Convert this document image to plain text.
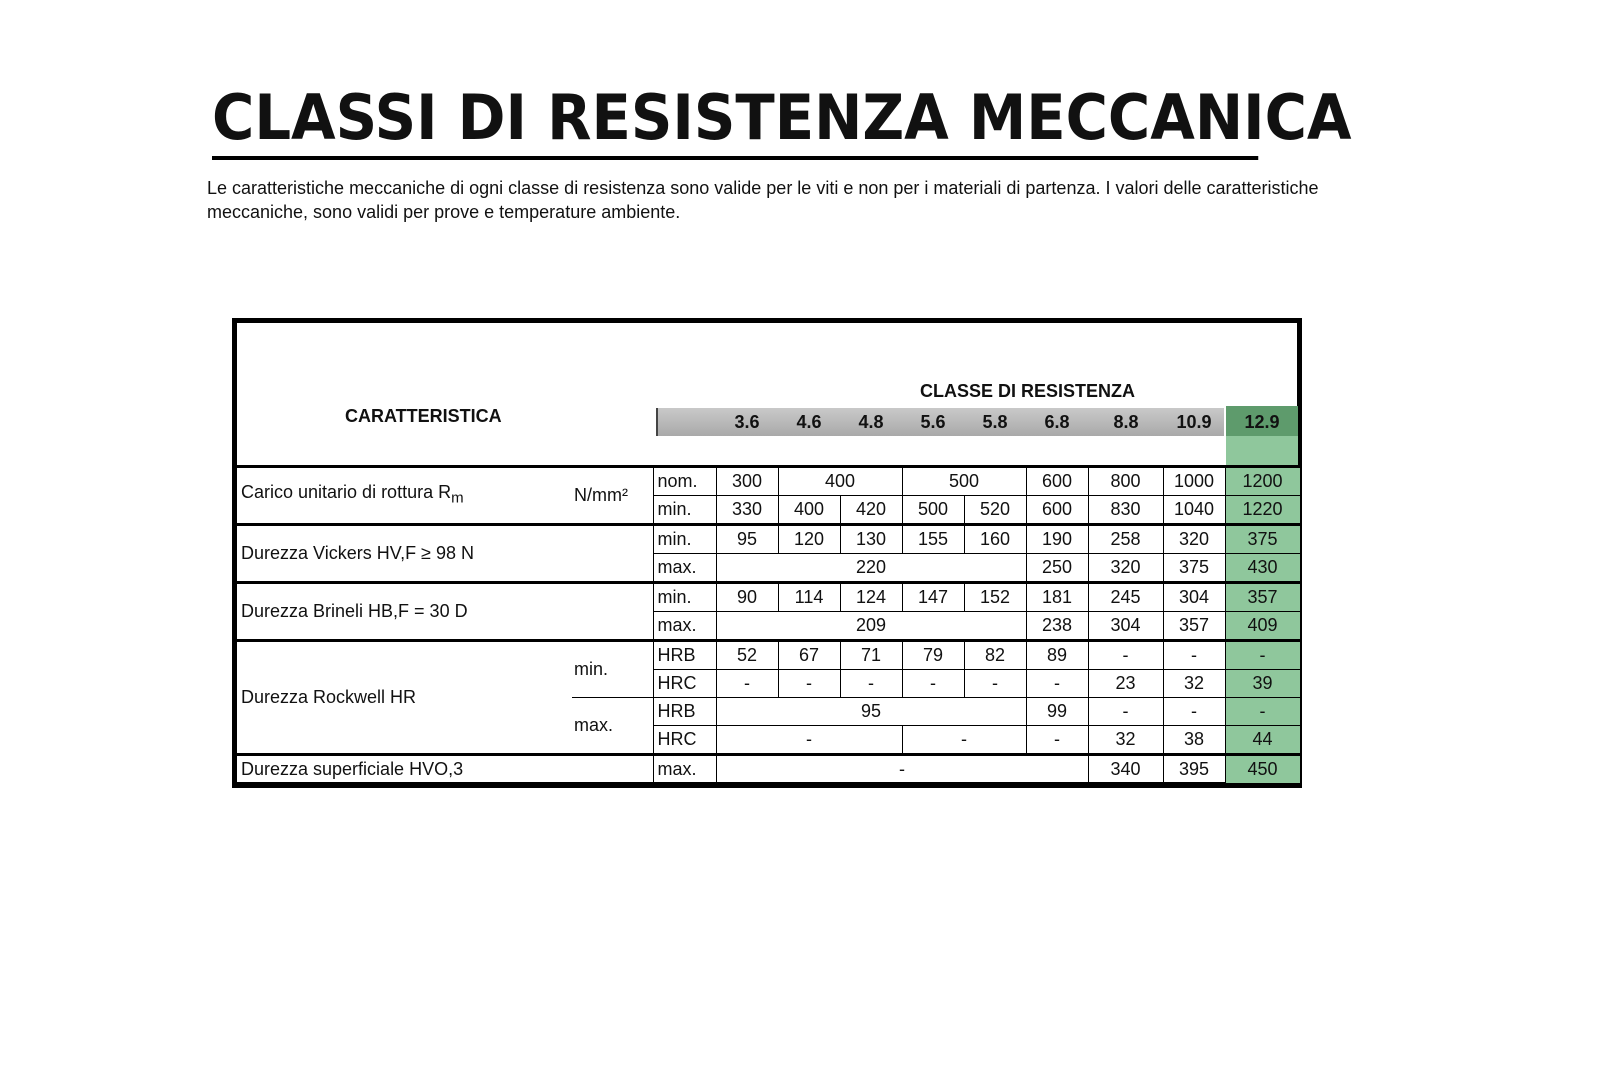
CLASSI DI RESISTENZA MECCANICA
Le caratteristiche meccaniche di ogni classe di resistenza sono valide per le viti e non per i materiali di partenza. I valori delle caratteristiche meccaniche, sono validi per prove e temperature ambiente.
CARATTERISTICA
CLASSE DI RESISTENZA
3.6	4.6	4.8	5.6	5.8	6.8	8.8	10.9	12.9
Carico unitario di rottura $R_m$	N/mm²	nom.	300	400		500		600	800	1000	1200
		min.	330	400	420	500	520	600	830	1040	1220
Durezza Vickers HV,F ≥ 98 N		min.	95	120	130	155	160	190	258	320	375
		max.	220					250	320	375	430
Durezza Brineli HB,F = 30 D		min.	90	114	124	147	152	181	245	304	357
		max.	209					238	304	357	409
Durezza Rockwell HR	min.	HRB	52	67	71	79	82	89	-	-	-
		HRC	-	-	-	-	-	-	23	32	39
	max.	HRB	95					99	-	-	-
		HRC	-			-		-	32	38	44
Durezza superficiale HVO,3		max.	-						340	395	450
